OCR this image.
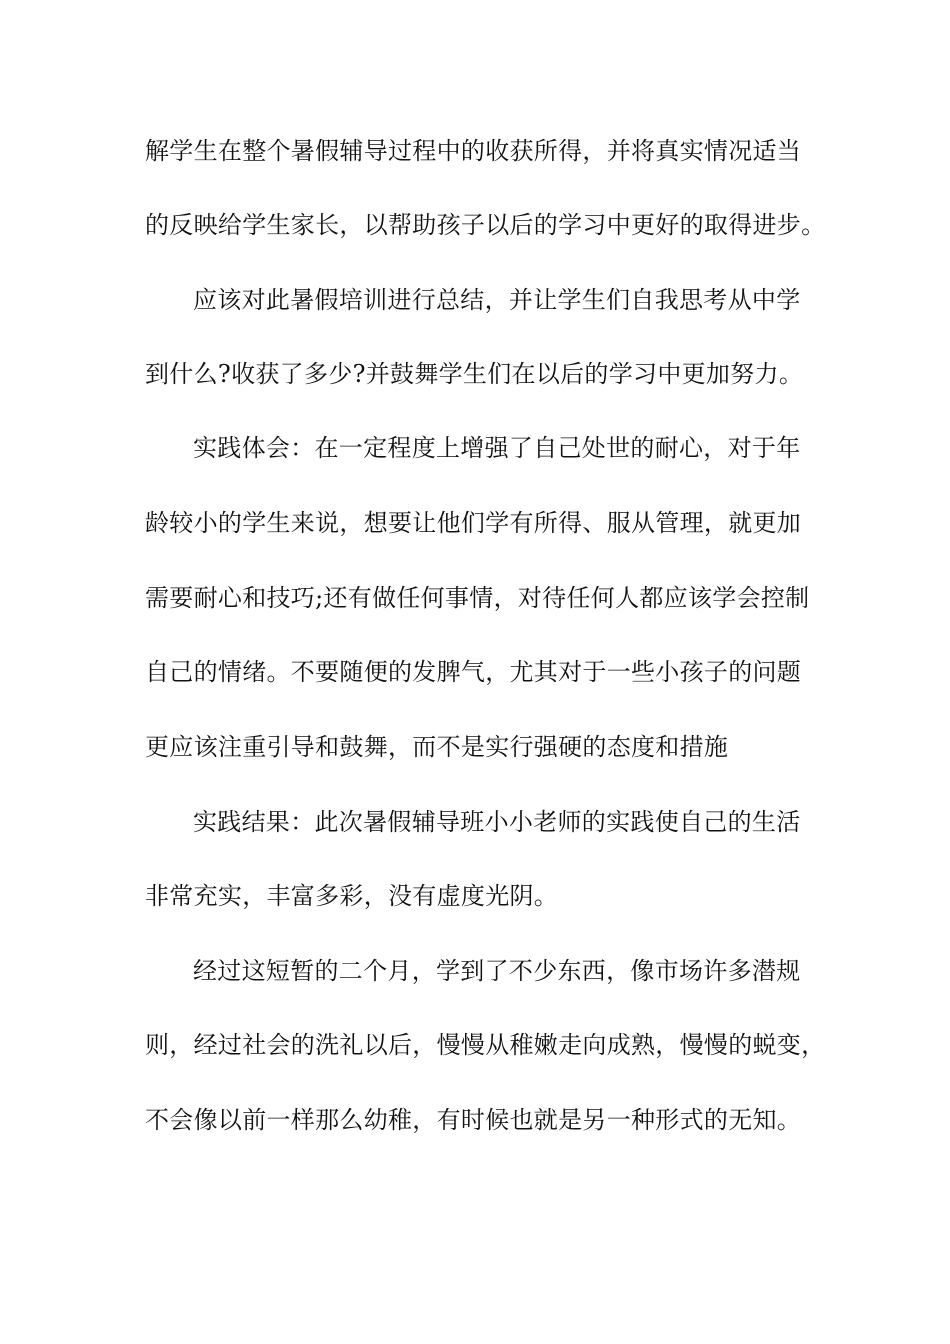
解学生在整个暑假辅导过程中的收获所得，并将真实情况适当
的反映给学生家长，以帮助孩子以后的学习中更好的取得进步。
应该对此暑假培训进行总结，并让学生们自我思考从中学
到什么?收获了多少?并鼓舞学生们在以后的学习中更加努力。
实践体会：在一定程度上增强了自己处世的耐心，对于年
龄较小的学生来说，想要让他们学有所得、服从管理，就更加
需要耐心和技巧;还有做任何事情，对待任何人都应该学会控制
自己的情绪。不要随便的发脾气，尤其对于一些小孩子的问题
更应该注重引导和鼓舞，而不是实行强硬的态度和措施
实践结果：此次暑假辅导班小小老师的实践使自己的生活
非常充实，丰富多彩，没有虚度光阴。
经过这短暂的二个月，学到了不少东西，像市场许多潜规
则，经过社会的洗礼以后，慢慢从稚嫩走向成熟，慢慢的蜕变，
不会像以前一样那么幼稚，有时候也就是另一种形式的无知。
